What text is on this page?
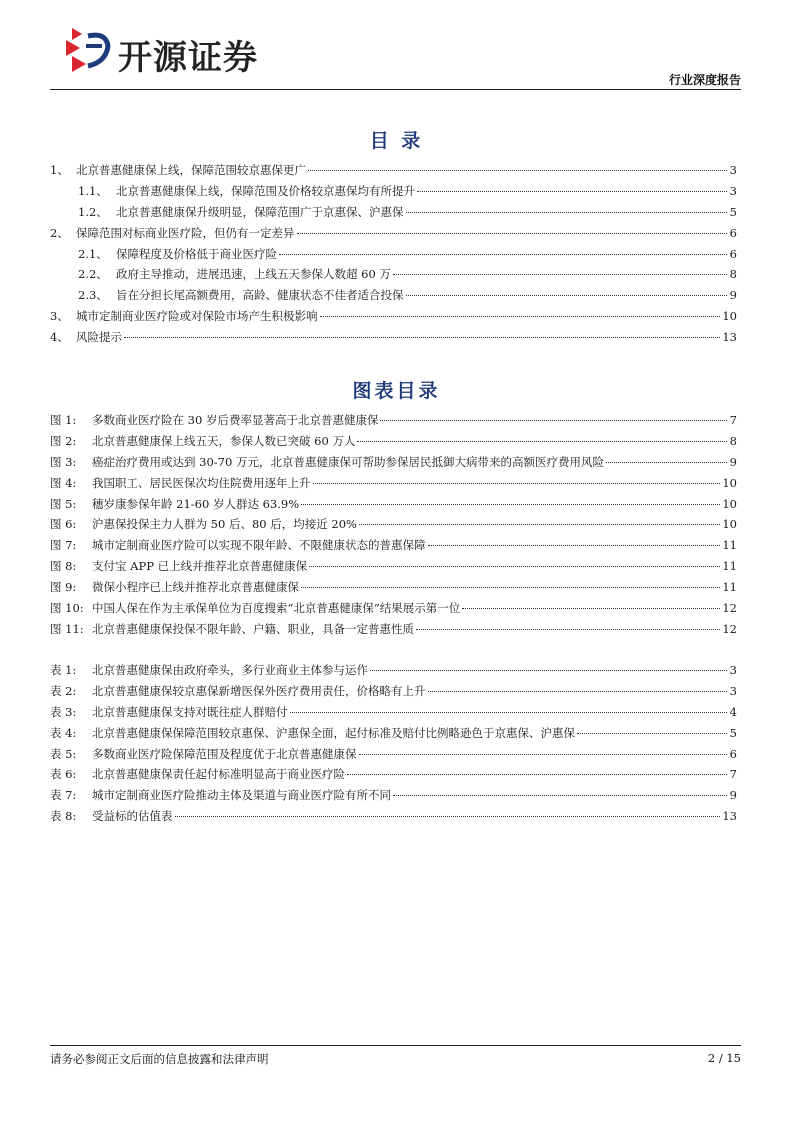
开源证券
行业深度报告
目 录
1、 北京普惠健康保上线，保障范围较京惠保更广	3
1.1、 北京普惠健康保上线，保障范围及价格较京惠保均有所提升	3
1.2、 北京普惠健康保升级明显，保障范围广于京惠保、沪惠保	5
2、 保障范围对标商业医疗险，但仍有一定差异	6
2.1、 保障程度及价格低于商业医疗险	6
2.2、 政府主导推动，进展迅速，上线五天参保人数超 60 万	8
2.3、 旨在分担长尾高额费用，高龄、健康状态不佳者适合投保	9
3、 城市定制商业医疗险或对保险市场产生积极影响	10
4、 风险提示	13
图表目录
图 1:	多数商业医疗险在 30 岁后费率显著高于北京普惠健康保	7
图 2:	北京普惠健康保上线五天，参保人数已突破 60 万人	8
图 3:	癌症治疗费用或达到 30-70 万元，北京普惠健康保可帮助参保居民抵御大病带来的高额医疗费用风险	9
图 4:	我国职工、居民医保次均住院费用逐年上升	10
图 5:	穗岁康参保年龄 21-60 岁人群达 63.9%	10
图 6:	沪惠保投保主力人群为 50 后、80 后，均接近 20%	10
图 7:	城市定制商业医疗险可以实现不限年龄、不限健康状态的普惠保障	11
图 8:	支付宝 APP 已上线并推荐北京普惠健康保	11
图 9:	微保小程序已上线并推荐北京普惠健康保	11
图 10: 中国人保在作为主承保单位为百度搜索“北京普惠健康保”结果展示第一位	12
图 11: 北京普惠健康保投保不限年龄、户籍、职业，具备一定普惠性质	12
表 1:	北京普惠健康保由政府牵头，多行业商业主体参与运作	3
表 2:	北京普惠健康保较京惠保新增医保外医疗费用责任，价格略有上升	3
表 3:	北京普惠健康保支持对既往症人群赔付	4
表 4:	北京普惠健康保保障范围较京惠保、沪惠保全面，起付标准及赔付比例略逊色于京惠保、沪惠保	5
表 5:	多数商业医疗险保障范围及程度优于北京普惠健康保	6
表 6:	北京普惠健康保责任起付标准明显高于商业医疗险	7
表 7:	城市定制商业医疗险推动主体及渠道与商业医疗险有所不同	9
表 8:	受益标的估值表	13
请务必参阅正文后面的信息披露和法律声明	2 / 15
